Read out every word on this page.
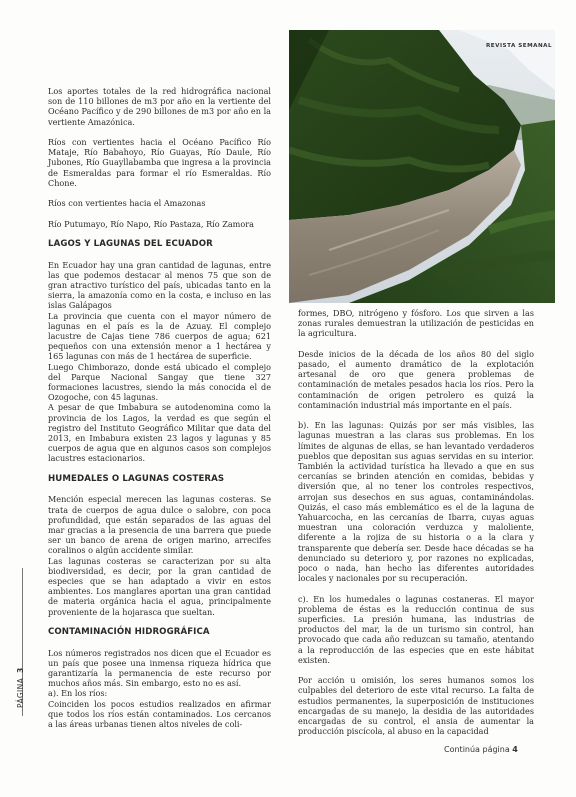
REVISTA SEMANAL

Los aportes totales de la red hidrográfica nacional son de 110 billones de m3 por año en la vertiente del Océano Pacífico y de 290 billones de m3 por año en la vertiente Amazónica.

Ríos con vertientes hacia el Océano Pacífico Río Mataje, Río Babahoyo, Río Guayas, Río Daule, Río Jubones, Río Guayllabamba que ingresa a la provincia de Esmeraldas para formar el río Esmeraldas. Río Chone.

Ríos con vertientes hacia el Amazonas

Río Putumayo, Río Napo, Río Pastaza, Río Zamora

LAGOS Y LAGUNAS DEL ECUADOR

En Ecuador hay una gran cantidad de lagunas, entre las que podemos destacar al menos 75 que son de gran atractivo turístico del país, ubicadas tanto en la sierra, la amazonía como en la costa, e incluso en las islas Galápagos

La provincia que cuenta con el mayor número de lagunas en el país es la de Azuay. El complejo lacustre de Cajas tiene 786 cuerpos de agua; 621 pequeños con una extensión menor a 1 hectárea y 165 lagunas con más de 1 hectárea de superficie.

Luego Chimborazo, donde está ubicado el complejo del Parque Nacional Sangay que tiene 327 formaciones lacustres, siendo la más conocida el de Ozogoche, con 45 lagunas.

A pesar de que Imbabura se autodenomina como la provincia de los Lagos, la verdad es que según el registro del Instituto Geográfico Militar que data del 2013, en Imbabura existen 23 lagos y lagunas y 85 cuerpos de agua que en algunos casos son complejos lacustres estacionarios.

HUMEDALES O LAGUNAS COSTERAS

Mención especial merecen las lagunas costeras. Se trata de cuerpos de agua dulce o salobre, con poca profundidad, que están separados de las aguas del mar gracias a la presencia de una barrera que puede ser un banco de arena de origen marino, arrecifes coralinos o algún accidente similar.

Las lagunas costeras se caracterizan por su alta biodiversidad, es decir, por la gran cantidad de especies que se han adaptado a vivir en estos ambientes. Los manglares aportan una gran cantidad de materia orgánica hacia el agua, principalmente proveniente de la hojarasca que sueltan.

CONTAMINACIÓN HIDROGRÁFICA

Los números registrados nos dicen que el Ecuador es un país que posee una inmensa riqueza hídrica que garantizaría la permanencia de este recurso por muchos años más. Sin embargo, esto no es así.

a). En los ríos:

Coinciden los pocos estudios realizados en afirmar que todos los ríos están contaminados. Los cercanos a las áreas urbanas tienen altos niveles de coli-

formes, DBO, nitrógeno y fósforo. Los que sirven a las zonas rurales demuestran la utilización de pesticidas en la agricultura.

Desde inicios de la década de los años 80 del siglo pasado, el aumento dramático de la explotación artesanal de oro que genera problemas de contaminación de metales pesados hacia los ríos. Pero la contaminación de origen petrolero es quizá la contaminación industrial más importante en el país.

b). En las lagunas: Quizás por ser más visibles, las lagunas muestran a las claras sus problemas. En los límites de algunas de ellas, se han levantado verdaderos pueblos que depositan sus aguas servidas en su interior. También la actividad turística ha llevado a que en sus cercanías se brinden atención en comidas, bebidas y diversión que, al no tener los controles respectivos, arrojan sus desechos en sus aguas, contaminándolas. Quizás, el caso más emblemático es el de la laguna de Yahuarcocha, en las cercanías de Ibarra, cuyas aguas muestran una coloración verduzca y maloliente, diferente a la rojiza de su historia o a la clara y transparente que debería ser. Desde hace décadas se ha denunciado su deterioro y, por razones no explicadas, poco o nada, han hecho las diferentes autoridades locales y nacionales por su recuperación.

c). En los humedales o lagunas costaneras. El mayor problema de éstas es la reducción continua de sus superficies. La presión humana, las industrias de productos del mar, la de un turismo sin control, han provocado que cada año reduzcan su tamaño, atentando a la reproducción de las especies que en este hábitat existen.

Por acción u omisión, los seres humanos somos los culpables del deterioro de este vital recurso. La falta de estudios permanentes, la superposición de instituciones encargadas de su manejo, la desidia de las autoridades encargadas de su control, el ansia de aumentar la producción piscícola, al abuso en la capacidad

PÁGINA 3
Continúa página 4
